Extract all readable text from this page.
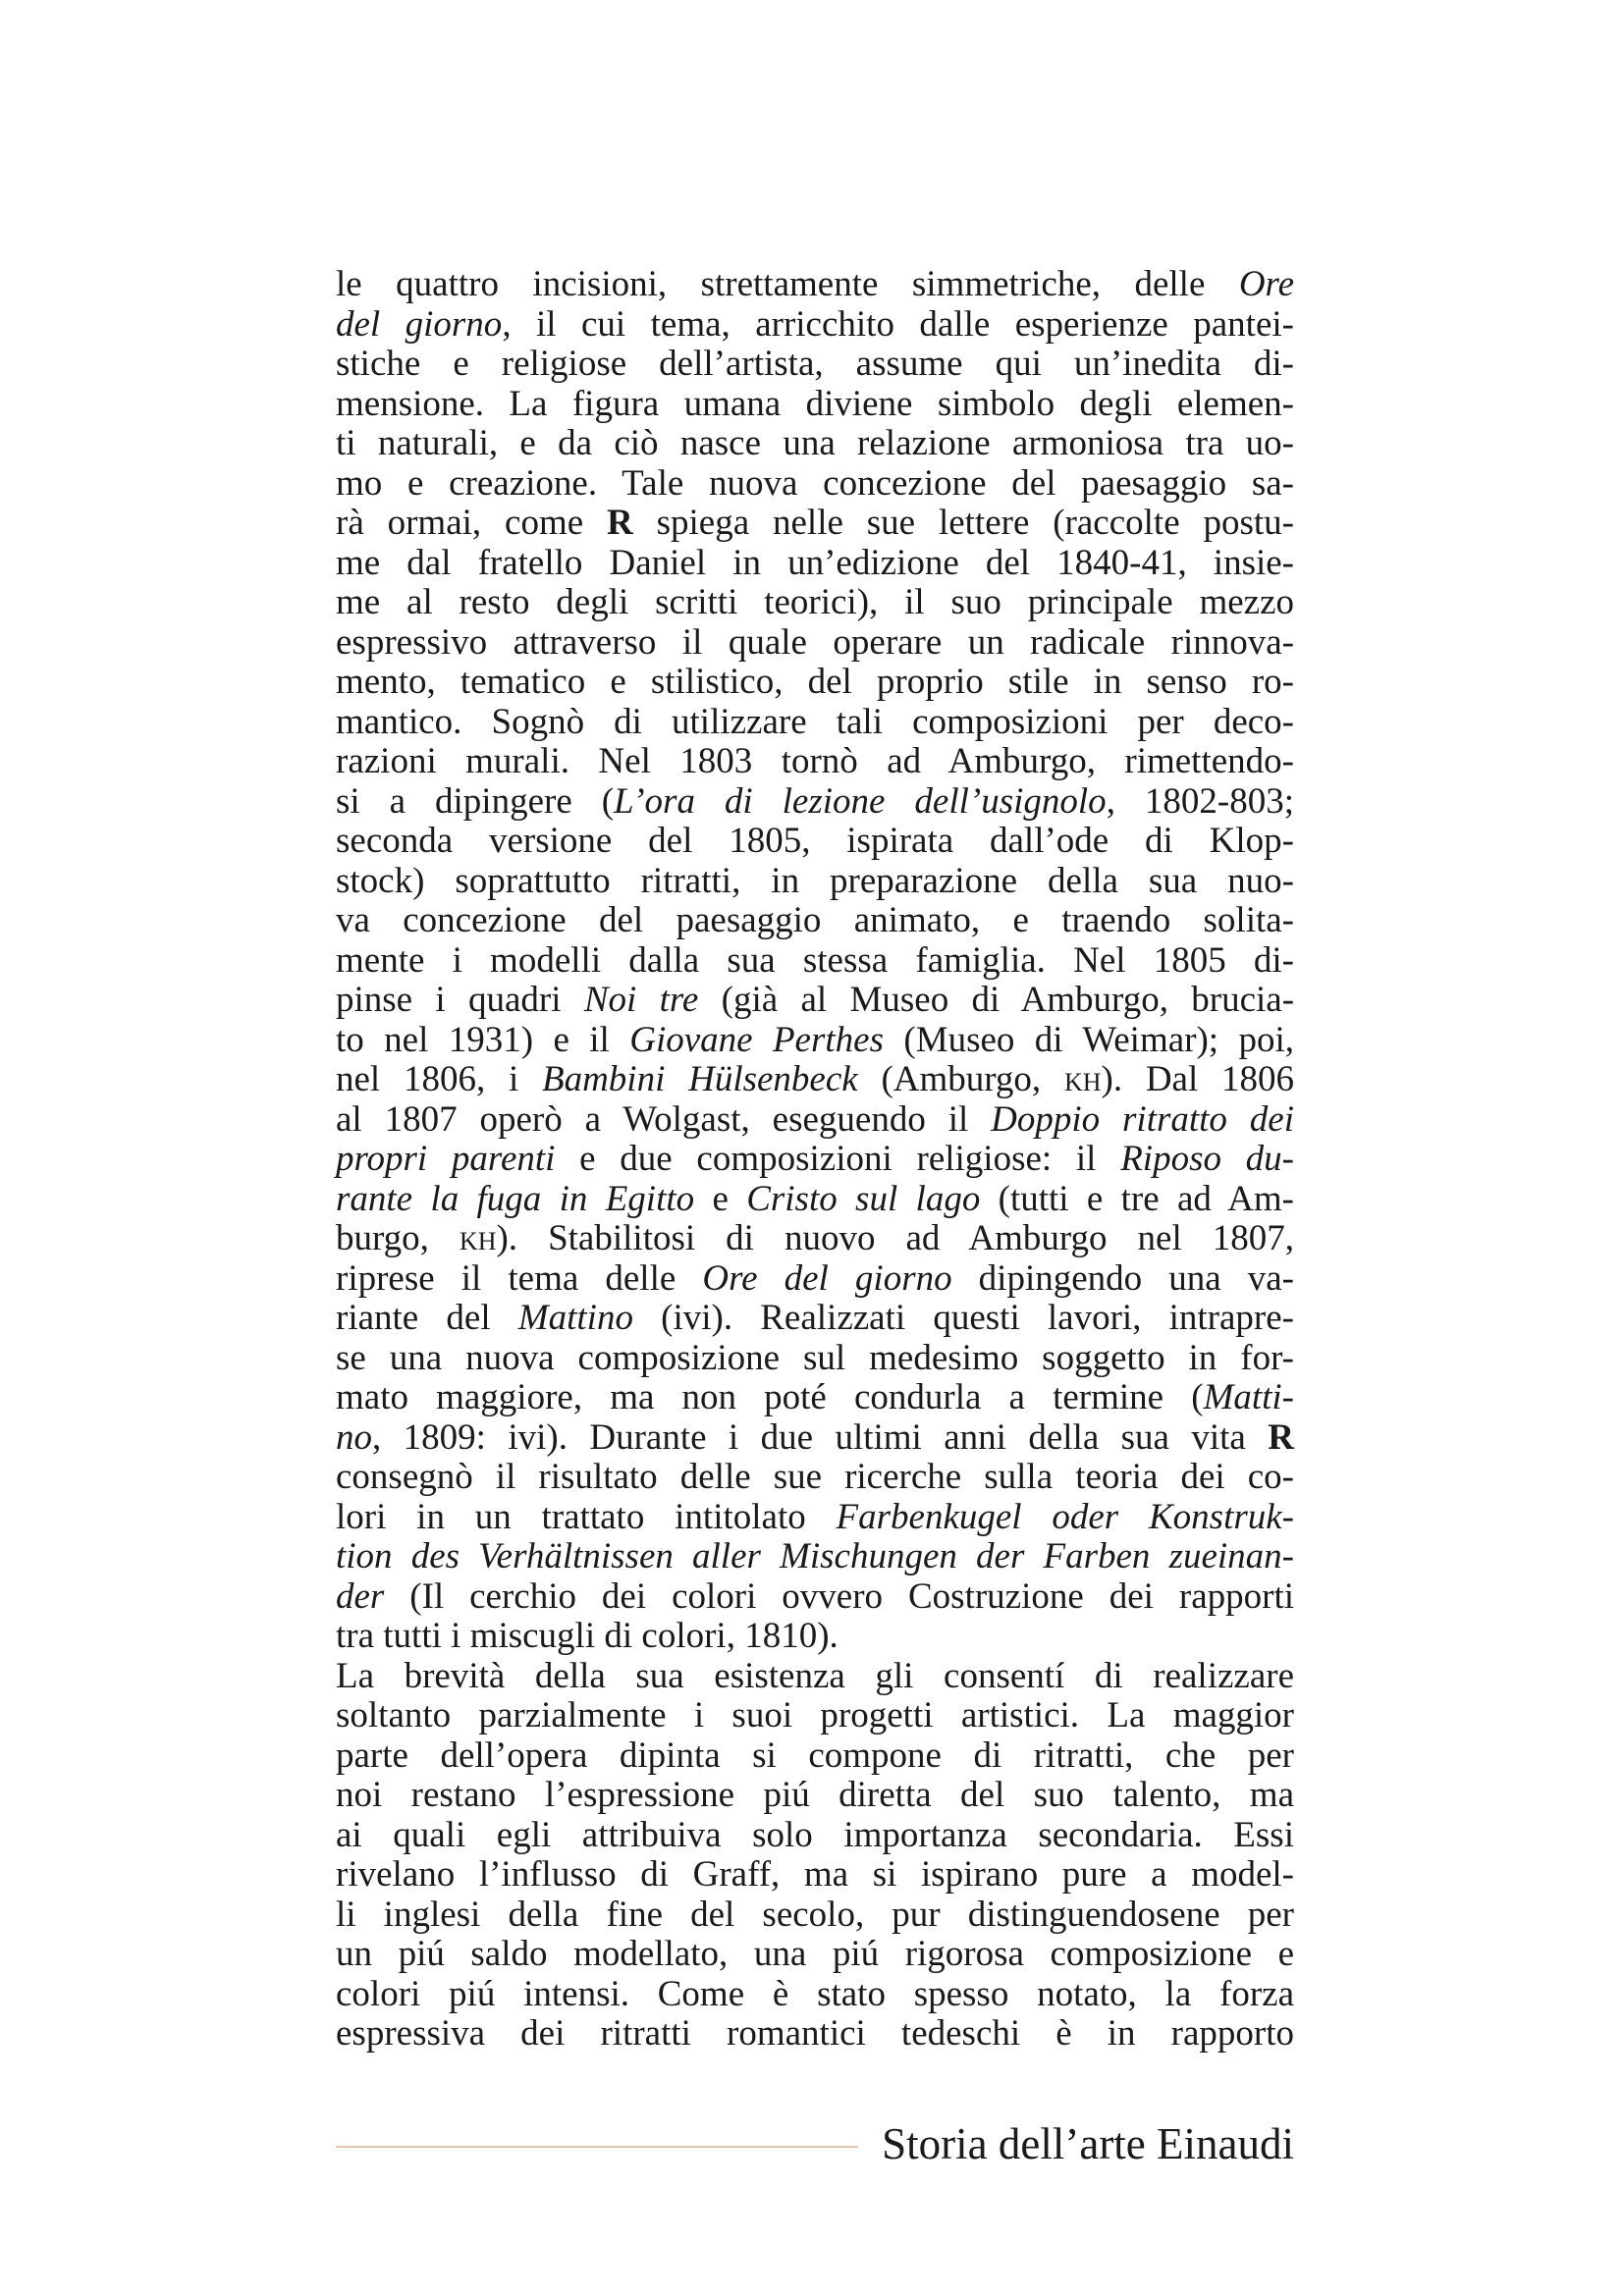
le quattro incisioni, strettamente simmetriche, delle Ore
del giorno, il cui tema, arricchito dalle esperienze pantei-
stiche e religiose dell’artista, assume qui un’inedita di-
mensione. La figura umana diviene simbolo degli elemen-
ti naturali, e da ciò nasce una relazione armoniosa tra uo-
mo e creazione. Tale nuova concezione del paesaggio sa-
rà ormai, come R spiega nelle sue lettere (raccolte postu-
me dal fratello Daniel in un’edizione del 1840-41, insie-
me al resto degli scritti teorici), il suo principale mezzo
espressivo attraverso il quale operare un radicale rinnova-
mento, tematico e stilistico, del proprio stile in senso ro-
mantico. Sognò di utilizzare tali composizioni per deco-
razioni murali. Nel 1803 tornò ad Amburgo, rimettendo-
si a dipingere (L’ora di lezione dell’usignolo, 1802-803;
seconda versione del 1805, ispirata dall’ode di Klop-
stock) soprattutto ritratti, in preparazione della sua nuo-
va concezione del paesaggio animato, e traendo solita-
mente i modelli dalla sua stessa famiglia. Nel 1805 di-
pinse i quadri Noi tre (già al Museo di Amburgo, brucia-
to nel 1931) e il Giovane Perthes (Museo di Weimar); poi,
nel 1806, i Bambini Hülsenbeck (Amburgo, kh). Dal 1806
al 1807 operò a Wolgast, eseguendo il Doppio ritratto dei
propri parenti e due composizioni religiose: il Riposo du-
rante la fuga in Egitto e Cristo sul lago (tutti e tre ad Am-
burgo, kh). Stabilitosi di nuovo ad Amburgo nel 1807,
riprese il tema delle Ore del giorno dipingendo una va-
riante del Mattino (ivi). Realizzati questi lavori, intrapre-
se una nuova composizione sul medesimo soggetto in for-
mato maggiore, ma non poté condurla a termine (Matti-
no, 1809: ivi). Durante i due ultimi anni della sua vita R
consegnò il risultato delle sue ricerche sulla teoria dei co-
lori in un trattato intitolato Farbenkugel oder Konstruk-
tion des Verhältnissen aller Mischungen der Farben zueinan-
der (Il cerchio dei colori ovvero Costruzione dei rapporti
tra tutti i miscugli di colori, 1810).
La brevità della sua esistenza gli consentí di realizzare
soltanto parzialmente i suoi progetti artistici. La maggior
parte dell’opera dipinta si compone di ritratti, che per
noi restano l’espressione piú diretta del suo talento, ma
ai quali egli attribuiva solo importanza secondaria. Essi
rivelano l’influsso di Graff, ma si ispirano pure a model-
li inglesi della fine del secolo, pur distinguendosene per
un piú saldo modellato, una piú rigorosa composizione e
colori piú intensi. Come è stato spesso notato, la forza
espressiva dei ritratti romantici tedeschi è in rapporto
Storia dell’arte Einaudi
